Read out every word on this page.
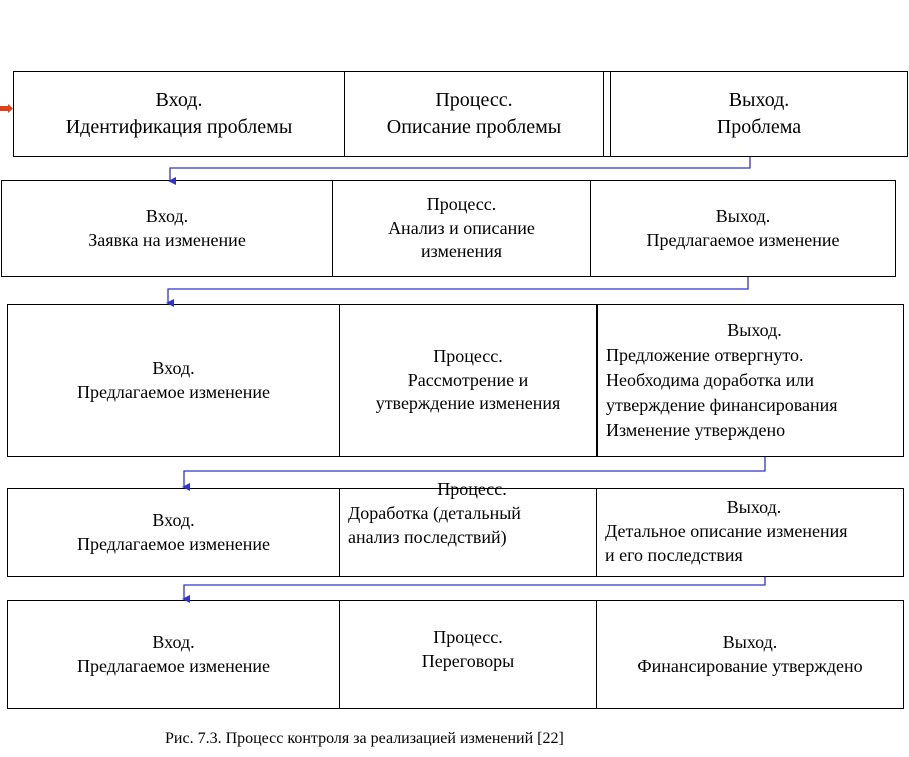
Вход.
Идентификация проблемы
Процесс.
Описание проблемы
Выход.
Проблема
Вход.
Заявка на изменение
Процесс.
Анализ и описание
изменения
Выход.
Предлагаемое изменение
Вход.
Предлагаемое изменение
Процесс.
Рассмотрение и
утверждение изменения
Выход.
Предложение отвергнуто.
Необходима доработка или
утверждение финансирования
Изменение утверждено
Вход.
Предлагаемое изменение
Процесс.
Доработка (детальный
анализ последствий)
Выход.
Детальное описание изменения
и его последствия
Вход.
Предлагаемое изменение
Процесс.
Переговоры
Выход.
Финансирование утверждено
Рис. 7.3. Процесс контроля за реализацией изменений [22]
